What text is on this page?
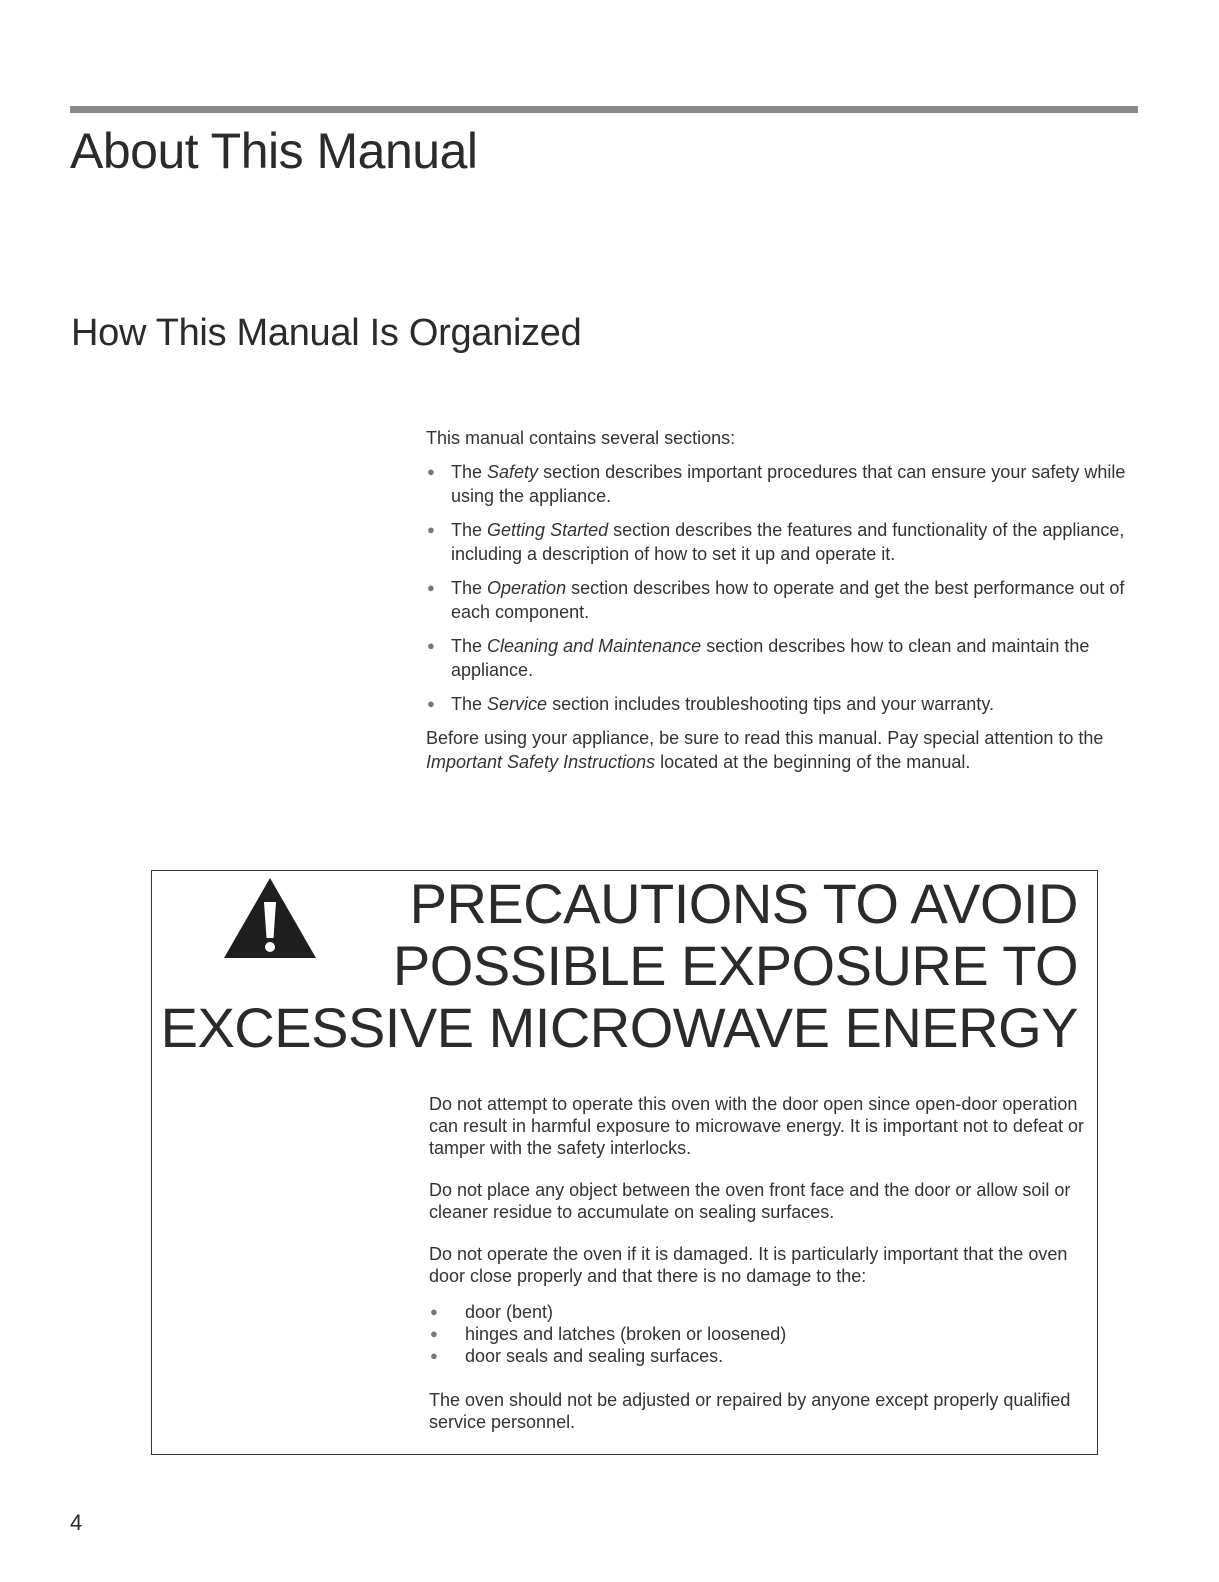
About This Manual
How This Manual Is Organized

This manual contains several sections:

● The Safety section describes important procedures that can ensure your safety while using the appliance.
● The Getting Started section describes the features and functionality of the appliance, including a description of how to set it up and operate it.
● The Operation section describes how to operate and get the best performance out of each component.
● The Cleaning and Maintenance section describes how to clean and maintain the appliance.
● The Service section includes troubleshooting tips and your warranty.

Before using your appliance, be sure to read this manual. Pay special attention to the Important Safety Instructions located at the beginning of the manual.

PRECAUTIONS TO AVOID
POSSIBLE EXPOSURE TO
EXCESSIVE MICROWAVE ENERGY

Do not attempt to operate this oven with the door open since open-door operation can result in harmful exposure to microwave energy. It is important not to defeat or tamper with the safety interlocks.

Do not place any object between the oven front face and the door or allow soil or cleaner residue to accumulate on sealing surfaces.

Do not operate the oven if it is damaged. It is particularly important that the oven door close properly and that there is no damage to the:

● door (bent)
● hinges and latches (broken or loosened)
● door seals and sealing surfaces.

The oven should not be adjusted or repaired by anyone except properly qualified service personnel.

4
